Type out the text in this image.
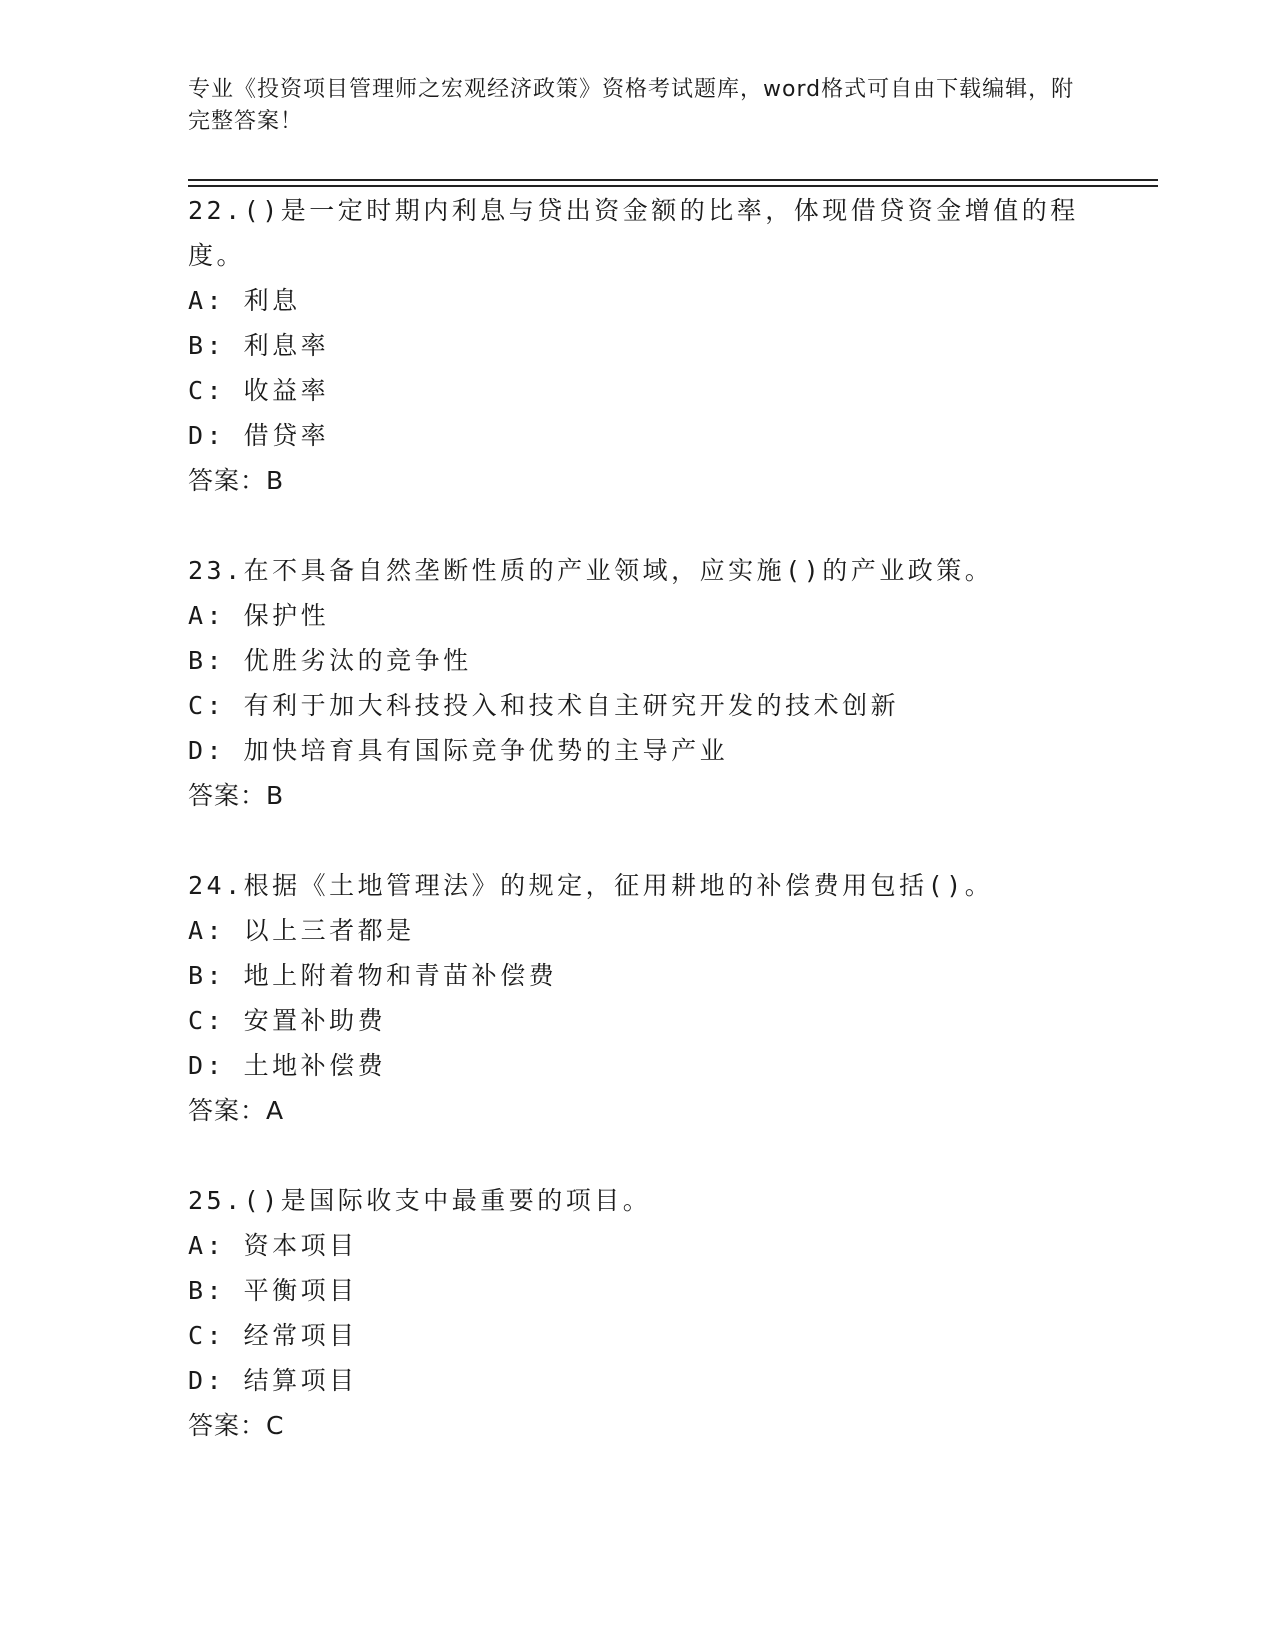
专业《投资项目管理师之宏观经济政策》资格考试题库，word格式可自由下载编辑，附完整答案！
22.()是一定时期内利息与贷出资金额的比率，体现借贷资金增值的程度。
A: 利息
B: 利息率
C: 收益率
D: 借贷率
答案：B
23.在不具备自然垄断性质的产业领域，应实施()的产业政策。
A: 保护性
B: 优胜劣汰的竞争性
C: 有利于加大科技投入和技术自主研究开发的技术创新
D: 加快培育具有国际竞争优势的主导产业
答案：B
24.根据《土地管理法》的规定，征用耕地的补偿费用包括()。
A: 以上三者都是
B: 地上附着物和青苗补偿费
C: 安置补助费
D: 土地补偿费
答案：A
25.()是国际收支中最重要的项目。
A: 资本项目
B: 平衡项目
C: 经常项目
D: 结算项目
答案：C
